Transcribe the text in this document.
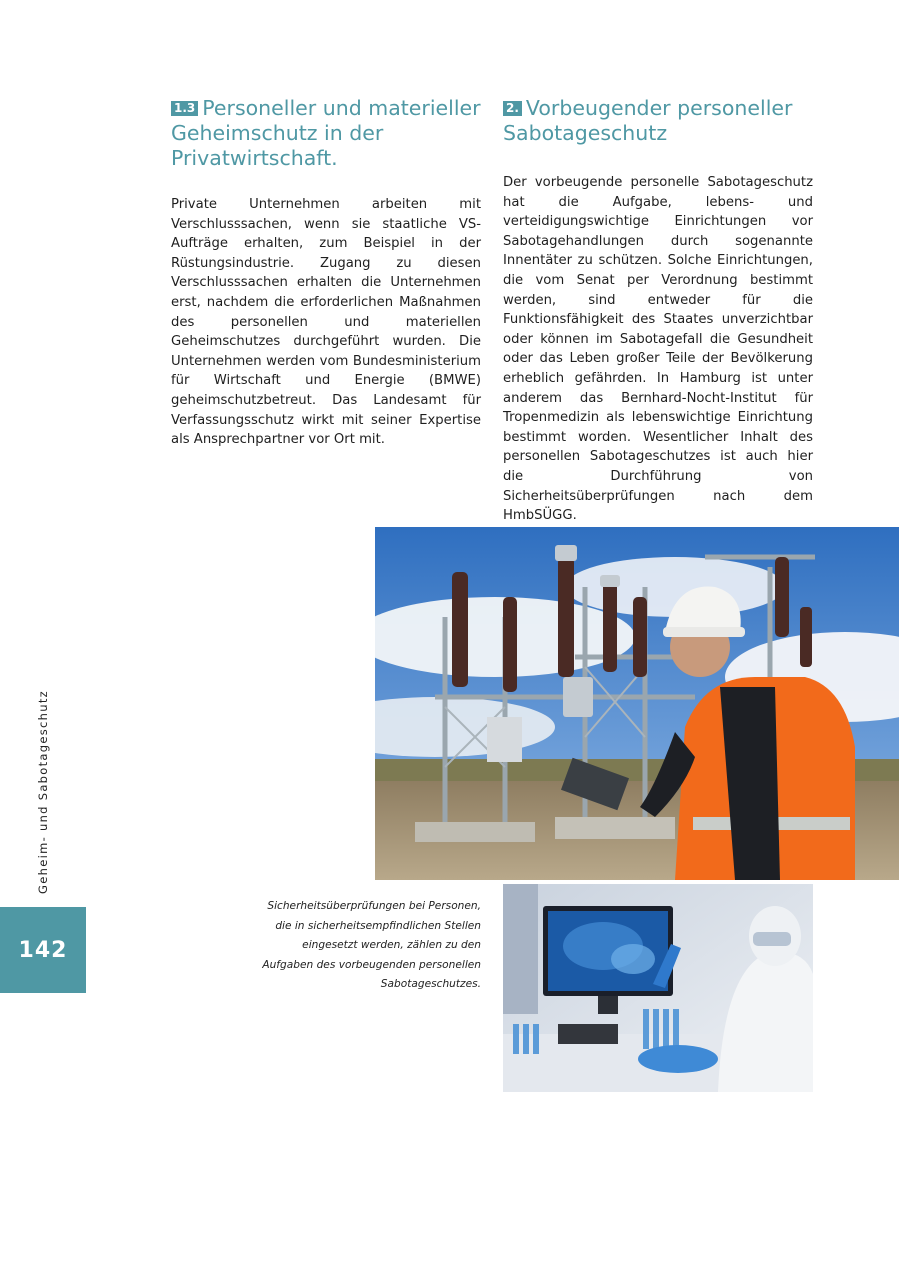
1.3 Personeller und materieller Geheimschutz in der Privatwirtschaft.

Private Unternehmen arbeiten mit Verschlusssachen, wenn sie staatliche VS-Aufträge erhalten, zum Beispiel in der Rüstungsindustrie. Zugang zu diesen Verschlusssachen erhalten die Unternehmen erst, nachdem die erforderlichen Maßnahmen des personellen und materiellen Geheimschutzes durchgeführt wurden. Die Unternehmen werden vom Bundesministerium für Wirtschaft und Energie (BMWE) geheimschutzbetreut. Das Landesamt für Verfassungsschutz wirkt mit seiner Expertise als Ansprechpartner vor Ort mit.

2. Vorbeugender personeller Sabotageschutz

Der vorbeugende personelle Sabotageschutz hat die Aufgabe, lebens- und verteidigungswichtige Einrichtungen vor Sabotagehandlungen durch sogenannte Innentäter zu schützen. Solche Einrichtungen, die vom Senat per Verordnung bestimmt werden, sind entweder für die Funktionsfähigkeit des Staates unverzichtbar oder können im Sabotagefall die Gesundheit oder das Leben großer Teile der Bevölkerung erheblich gefährden. In Hamburg ist unter anderem das Bernhard-Nocht-Institut für Tropenmedizin als lebenswichtige Einrichtung bestimmt worden. Wesentlicher Inhalt des personellen Sabotageschutzes ist auch hier die Durchführung von Sicherheitsüberprüfungen nach dem HmbSÜGG.

Sicherheitsüberprüfungen bei Personen, die in sicherheitsempfindlichen Stellen eingesetzt werden, zählen zu den Aufgaben des vorbeugenden personellen Sabotageschutzes.
Geheim- und Sabotageschutz
142
